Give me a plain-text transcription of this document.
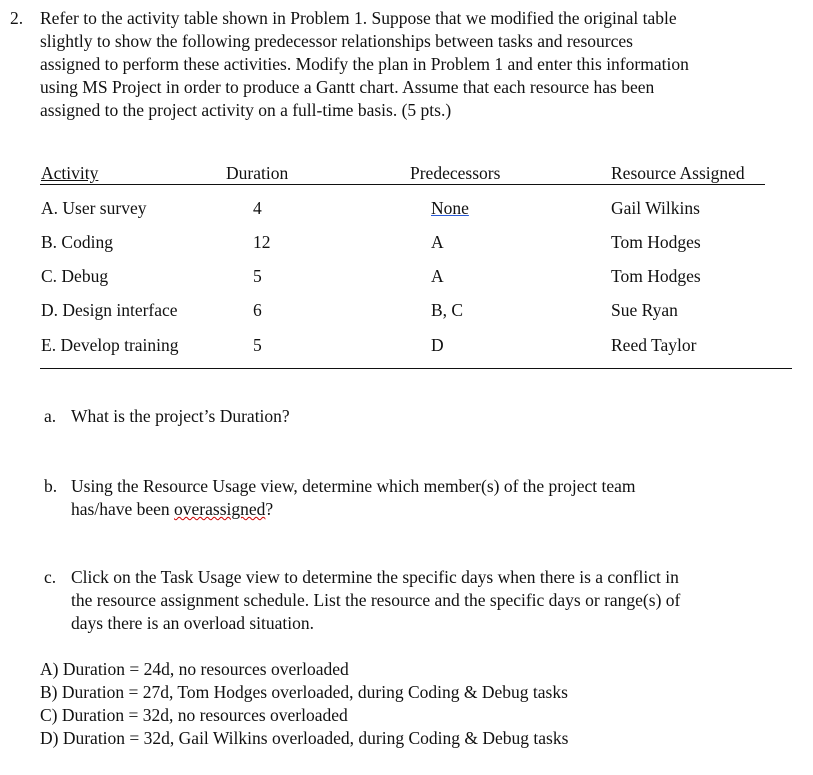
2. Refer to the activity table shown in Problem 1. Suppose that we modified the original table
slightly to show the following predecessor relationships between tasks and resources
assigned to perform these activities. Modify the plan in Problem 1 and enter this information
using MS Project in order to produce a Gantt chart. Assume that each resource has been
assigned to the project activity on a full-time basis. (5 pts.)
Activity	Duration	Predecessors	Resource Assigned
A. User survey	4	None	Gail Wilkins
B. Coding	12	A	Tom Hodges
C. Debug	5	A	Tom Hodges
D. Design interface	6	B, C	Sue Ryan
E. Develop training	5	D	Reed Taylor
a. What is the project’s Duration?
b. Using the Resource Usage view, determine which member(s) of the project team
has/have been overassigned?
c. Click on the Task Usage view to determine the specific days when there is a conflict in
the resource assignment schedule. List the resource and the specific days or range(s) of
days there is an overload situation.
A) Duration = 24d, no resources overloaded
B) Duration = 27d, Tom Hodges overloaded, during Coding & Debug tasks
C) Duration = 32d, no resources overloaded
D) Duration = 32d, Gail Wilkins overloaded, during Coding & Debug tasks
